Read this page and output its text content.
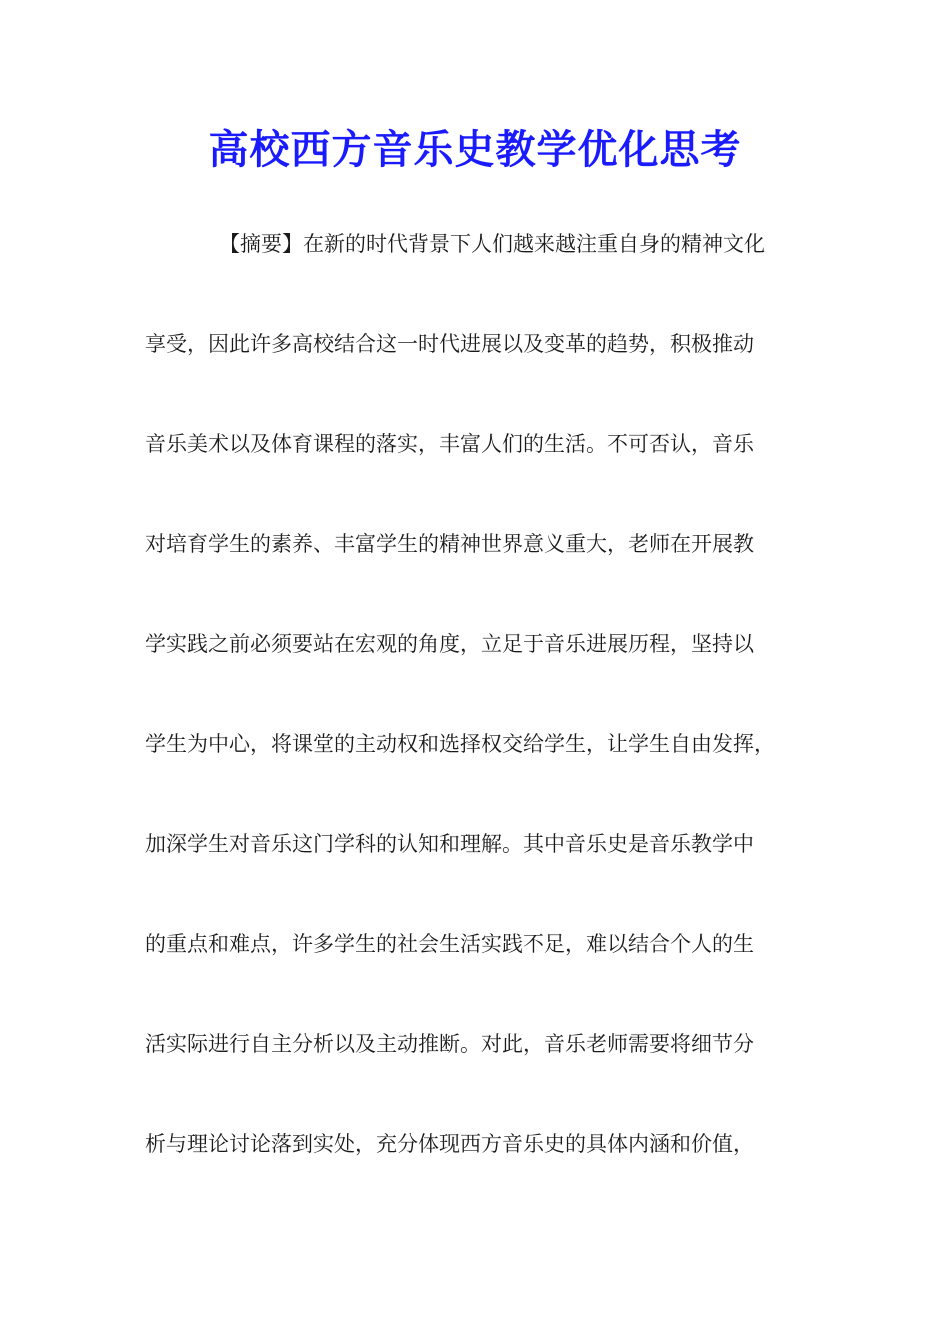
高校西方音乐史教学优化思考
【摘要】在新的时代背景下人们越来越注重自身的精神文化
享受，因此许多高校结合这一时代进展以及变革的趋势，积极推动
音乐美术以及体育课程的落实，丰富人们的生活。不可否认，音乐
对培育学生的素养、丰富学生的精神世界意义重大，老师在开展教
学实践之前必须要站在宏观的角度，立足于音乐进展历程，坚持以
学生为中心，将课堂的主动权和选择权交给学生，让学生自由发挥，
加深学生对音乐这门学科的认知和理解。其中音乐史是音乐教学中
的重点和难点，许多学生的社会生活实践不足，难以结合个人的生
活实际进行自主分析以及主动推断。对此，音乐老师需要将细节分
析与理论讨论落到实处，充分体现西方音乐史的具体内涵和价值，
